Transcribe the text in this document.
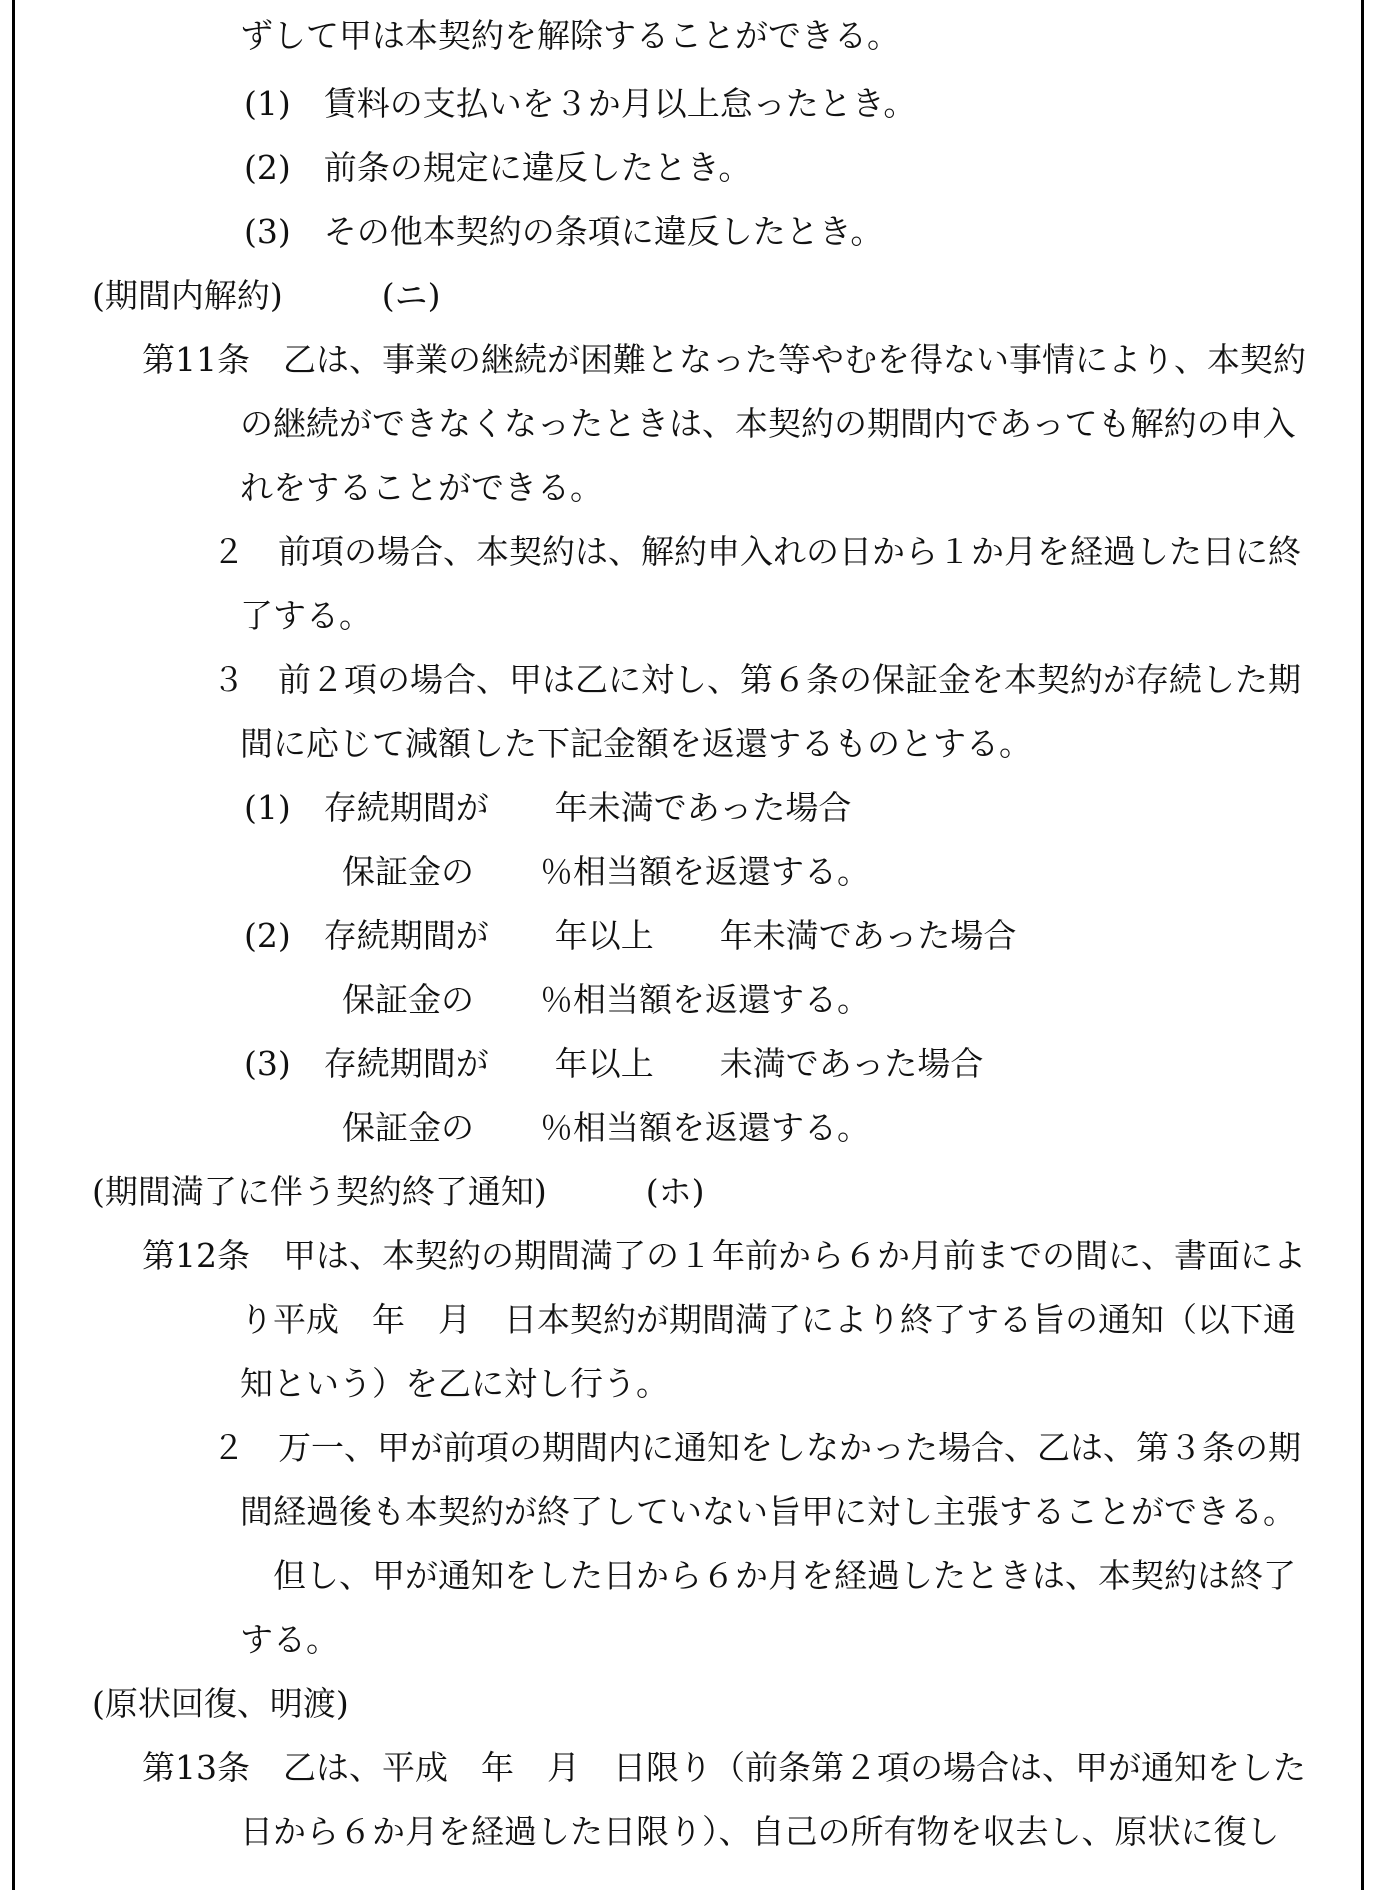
ずして甲は本契約を解除することができる。
(1)　賃料の支払いを３か月以上怠ったとき。
(2)　前条の規定に違反したとき。
(3)　その他本契約の条項に違反したとき。
(期間内解約)　　　(ニ)
第11条　乙は、事業の継続が困難となった等やむを得ない事情により、本契約
の継続ができなくなったときは、本契約の期間内であっても解約の申入
れをすることができる。
２　前項の場合、本契約は、解約申入れの日から１か月を経過した日に終
了する。
３　前２項の場合、甲は乙に対し、第６条の保証金を本契約が存続した期
間に応じて減額した下記金額を返還するものとする。
(1)　存続期間が　　年未満であった場合
保証金の　　％相当額を返還する。
(2)　存続期間が　　年以上　　年未満であった場合
保証金の　　％相当額を返還する。
(3)　存続期間が　　年以上　　未満であった場合
保証金の　　％相当額を返還する。
(期間満了に伴う契約終了通知)　　　(ホ)
第12条　甲は、本契約の期間満了の１年前から６か月前までの間に、書面によ
り平成　年　月　日本契約が期間満了により終了する旨の通知（以下通
知という）を乙に対し行う。
２　万一、甲が前項の期間内に通知をしなかった場合、乙は、第３条の期
間経過後も本契約が終了していない旨甲に対し主張することができる。
　但し、甲が通知をした日から６か月を経過したときは、本契約は終了
する。
(原状回復、明渡)
第13条　乙は、平成　年　月　日限り（前条第２項の場合は、甲が通知をした
日から６か月を経過した日限り）、自己の所有物を収去し、原状に復し
